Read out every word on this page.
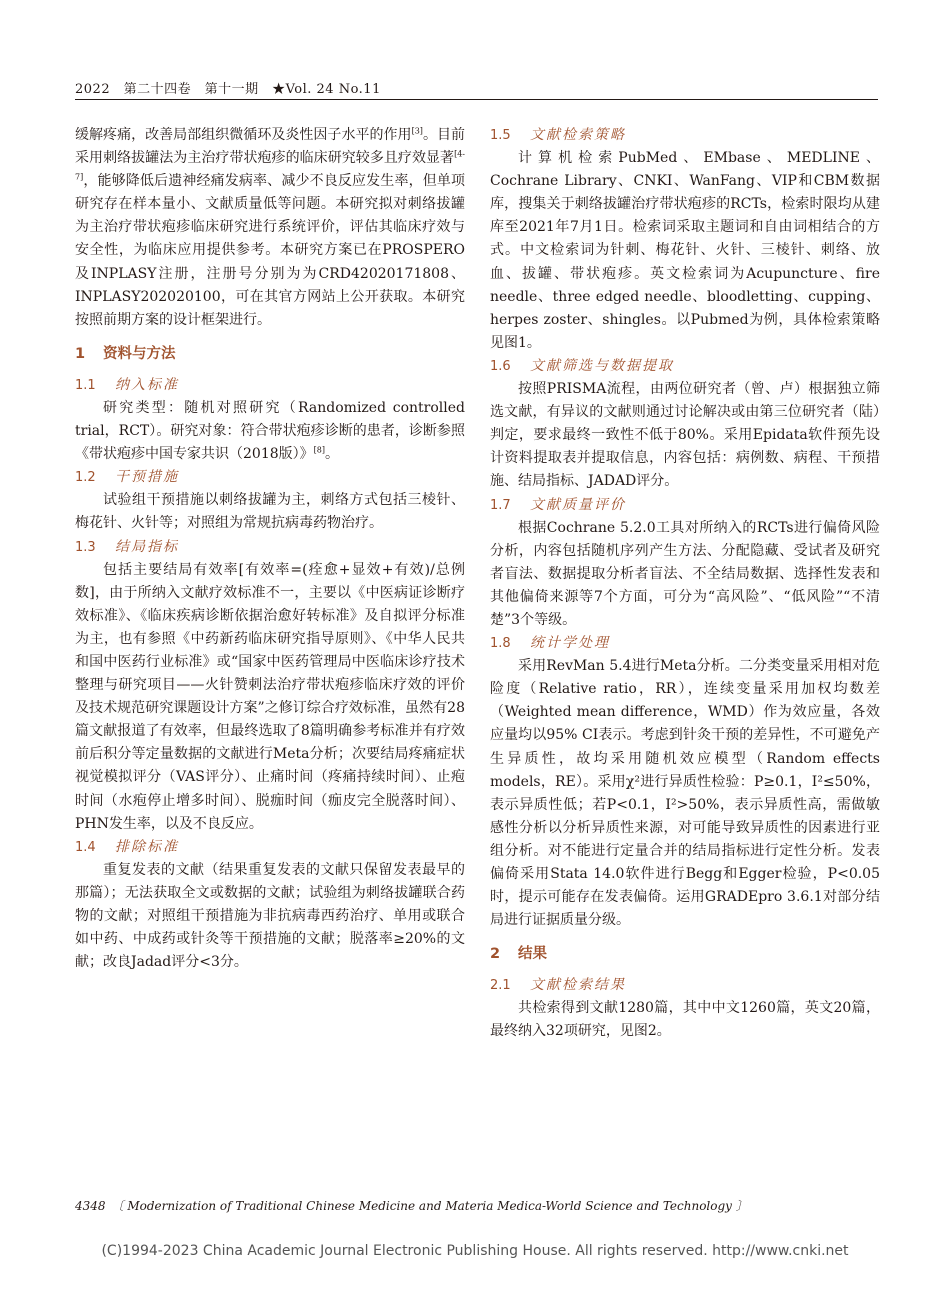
2022　第二十四卷　第十一期　★Vol. 24 No.11

缓解疼痛，改善局部组织微循环及炎性因子水平的作用[3]。目前采用刺络拔罐法为主治疗带状疱疹的临床研究较多且疗效显著[4-7]，能够降低后遗神经痛发病率、减少不良反应发生率，但单项研究存在样本量小、文献质量低等问题。本研究拟对刺络拔罐为主治疗带状疱疹临床研究进行系统评价，评估其临床疗效与安全性，为临床应用提供参考。本研究方案已在PROSPERO及INPLASY注册，注册号分别为为CRD42020171808、INPLASY202020100，可在其官方网站上公开获取。本研究按照前期方案的设计框架进行。

1 资料与方法
1.1 纳入标准

研究类型：随机对照研究（Randomized controlled trial，RCT）。研究对象：符合带状疱疹诊断的患者，诊断参照《带状疱疹中国专家共识（2018版）》[8]。

1.2 干预措施

试验组干预措施以刺络拔罐为主，刺络方式包括三棱针、梅花针、火针等；对照组为常规抗病毒药物治疗。

1.3 结局指标

包括主要结局有效率[有效率=(痊愈+显效+有效)/总例数]，由于所纳入文献疗效标准不一，主要以《中医病证诊断疗效标准》、《临床疾病诊断依据治愈好转标准》及自拟评分标准为主，也有参照《中药新药临床研究指导原则》、《中华人民共和国中医药行业标准》或“国家中医药管理局中医临床诊疗技术整理与研究项目——火针赞刺法治疗带状疱疹临床疗效的评价及技术规范研究课题设计方案”之修订综合疗效标准，虽然有28篇文献报道了有效率，但最终选取了8篇明确参考标准并有疗效前后积分等定量数据的文献进行Meta分析；次要结局疼痛症状视觉模拟评分（VAS评分）、止痛时间（疼痛持续时间）、止疱时间（水疱停止增多时间）、脱痂时间（痂皮完全脱落时间）、PHN发生率，以及不良反应。

1.4 排除标准

重复发表的文献（结果重复发表的文献只保留发表最早的那篇）；无法获取全文或数据的文献；试验组为刺络拔罐联合药物的文献；对照组干预措施为非抗病毒西药治疗、单用或联合如中药、中成药或针灸等干预措施的文献；脱落率≥20%的文献；改良Jadad评分<3分。

1.5 文献检索策略

计算机检索PubMed、EMbase、MEDLINE、Cochrane Library、CNKI、WanFang、VIP和CBM数据库，搜集关于刺络拔罐治疗带状疱疹的RCTs，检索时限均从建库至2021年7月1日。检索词采取主题词和自由词相结合的方式。中文检索词为针刺、梅花针、火针、三棱针、刺络、放血、拔罐、带状疱疹。英文检索词为Acupuncture、fire needle、three edged needle、bloodletting、cupping、herpes zoster、shingles。以Pubmed为例，具体检索策略见图1。

1.6 文献筛选与数据提取

按照PRISMA流程，由两位研究者（曾、卢）根据独立筛选文献，有异议的文献则通过讨论解决或由第三位研究者（陆）判定，要求最终一致性不低于80%。采用Epidata软件预先设计资料提取表并提取信息，内容包括：病例数、病程、干预措施、结局指标、JADAD评分。

1.7 文献质量评价

根据Cochrane 5.2.0工具对所纳入的RCTs进行偏倚风险分析，内容包括随机序列产生方法、分配隐藏、受试者及研究者盲法、数据提取分析者盲法、不全结局数据、选择性发表和其他偏倚来源等7个方面，可分为“高风险”、“低风险”“不清楚”3个等级。

1.8 统计学处理

采用RevMan 5.4进行Meta分析。二分类变量采用相对危险度（Relative ratio，RR），连续变量采用加权均数差（Weighted mean difference，WMD）作为效应量，各效应量均以95% CI表示。考虑到针灸干预的差异性，不可避免产生异质性，故均采用随机效应模型（Random effects models，RE）。采用χ²进行异质性检验：P≥0.1，I²≤50%，表示异质性低；若P<0.1，I²>50%，表示异质性高，需做敏感性分析以分析异质性来源，对可能导致异质性的因素进行亚组分析。对不能进行定量合并的结局指标进行定性分析。发表偏倚采用Stata 14.0软件进行Begg和Egger检验，P<0.05时，提示可能存在发表偏倚。运用GRADEpro 3.6.1对部分结局进行证据质量分级。

2 结果
2.1 文献检索结果

共检索得到文献1280篇，其中中文1260篇，英文20篇，最终纳入32项研究，见图2。

4348　〔 Modernization of Traditional Chinese Medicine and Materia Medica-World Science and Technology 〕
(C)1994-2023 China Academic Journal Electronic Publishing House. All rights reserved. http://www.cnki.net
